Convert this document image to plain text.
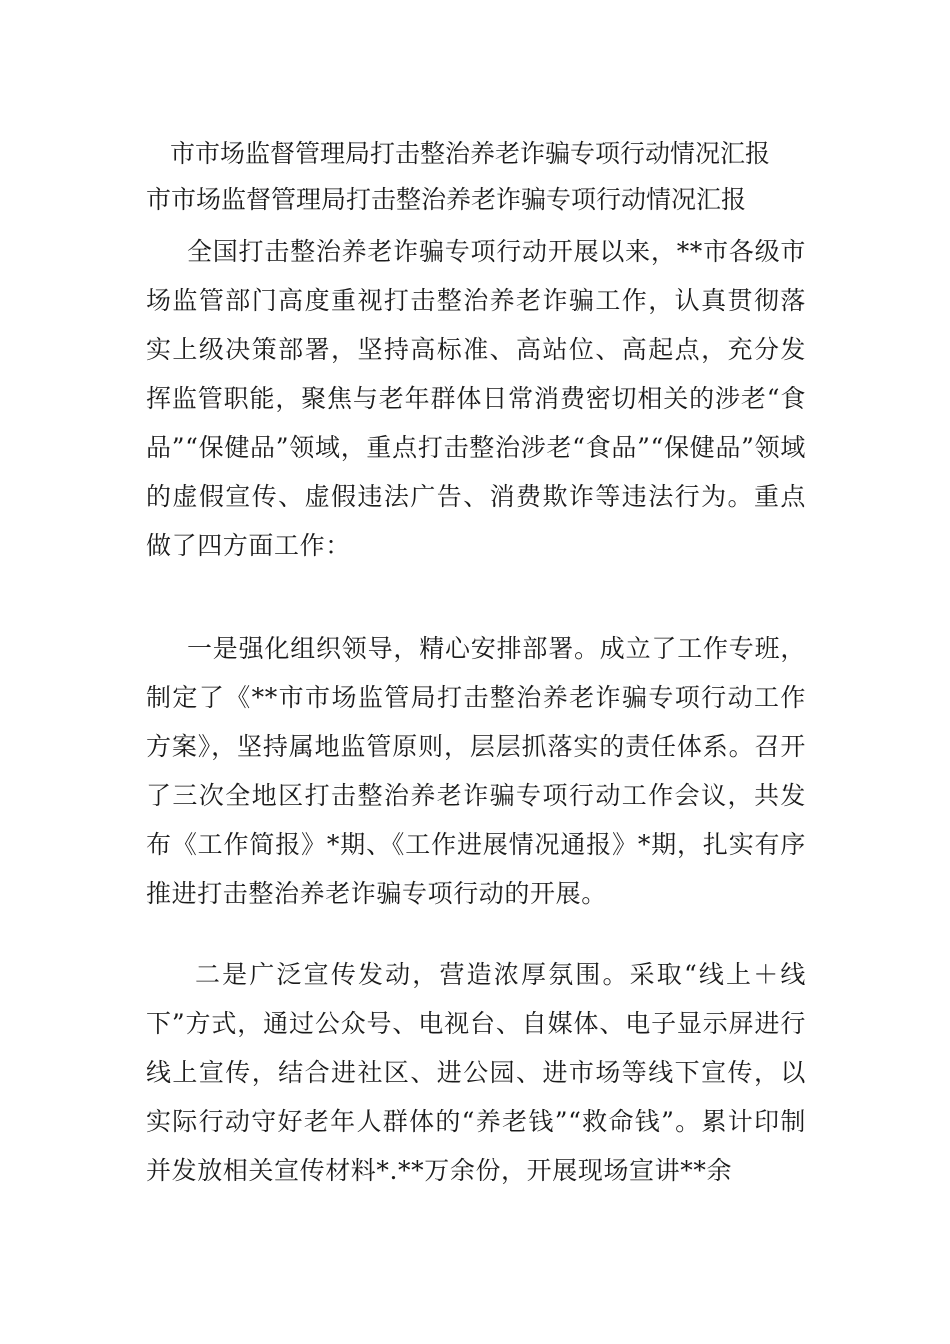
市市场监督管理局打击整治养老诈骗专项行动情况汇报
市市场监督管理局打击整治养老诈骗专项行动情况汇报

全国打击整治养老诈骗专项行动开展以来，**市各级市场监管部门高度重视打击整治养老诈骗工作，认真贯彻落实上级决策部署，坚持高标准、高站位、高起点，充分发挥监管职能，聚焦与老年群体日常消费密切相关的涉老“食品”“保健品”领域，重点打击整治涉老“食品”“保健品”领域的虚假宣传、虚假违法广告、消费欺诈等违法行为。重点做了四方面工作：

一是强化组织领导，精心安排部署。成立了工作专班，制定了《**市市场监管局打击整治养老诈骗专项行动工作方案》，坚持属地监管原则，层层抓落实的责任体系。召开了三次全地区打击整治养老诈骗专项行动工作会议，共发布《工作简报》*期、《工作进展情况通报》*期，扎实有序推进打击整治养老诈骗专项行动的开展。

二是广泛宣传发动，营造浓厚氛围。采取“线上＋线下”方式，通过公众号、电视台、自媒体、电子显示屏进行线上宣传，结合进社区、进公园、进市场等线下宣传，以实际行动守好老年人群体的“养老钱”“救命钱”。累计印制并发放相关宣传材料*.**万余份，开展现场宣讲**余
